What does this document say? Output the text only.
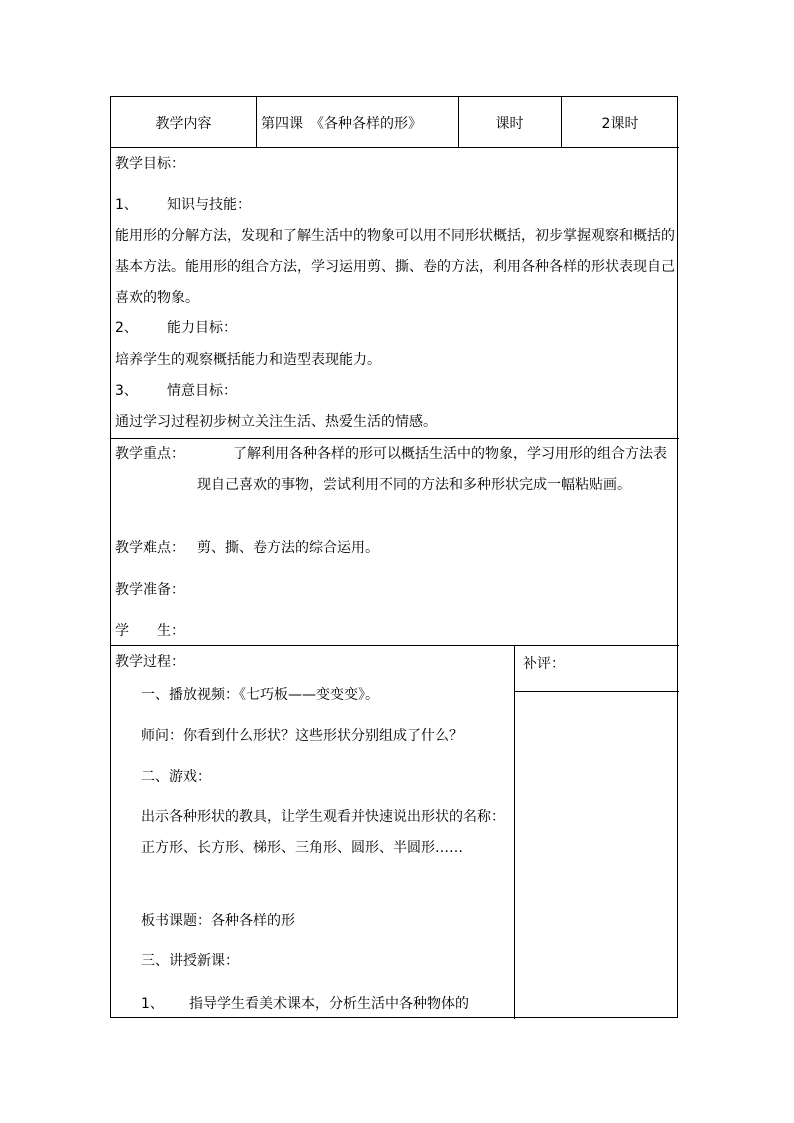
教学内容	第四课　《各种各样的形》	课时	2课时
教学目标：
1、 知识与技能：
能用形的分解方法，发现和了解生活中的物象可以用不同形状概括，初步掌握观察和概括的基本方法。能用形的组合方法，学习运用剪、撕、卷的方法，利用各种各样的形状表现自己喜欢的物象。
2、 能力目标：
培养学生的观察概括能力和造型表现能力。
3、 情意目标：
通过学习过程初步树立关注生活、热爱生活的情感。
教学重点：	了解利用各种各样的形可以概括生活中的物象，学习用形的组合方法表现自己喜欢的事物，尝试利用不同的方法和多种形状完成一幅粘贴画。
教学难点： 剪、撕、卷方法的综合运用。
教学准备：
学　　生：
教学过程：
一、播放视频：《七巧板——变变变》。
师问：你看到什么形状？这些形状分别组成了什么？
二、游戏：
出示各种形状的教具，让学生观看并快速说出形状的名称：正方形、长方形、梯形、三角形、圆形、半圆形……
板书课题：各种各样的形
三、讲授新课：
1、 指导学生看美术课本，分析生活中各种物体的
补评：
